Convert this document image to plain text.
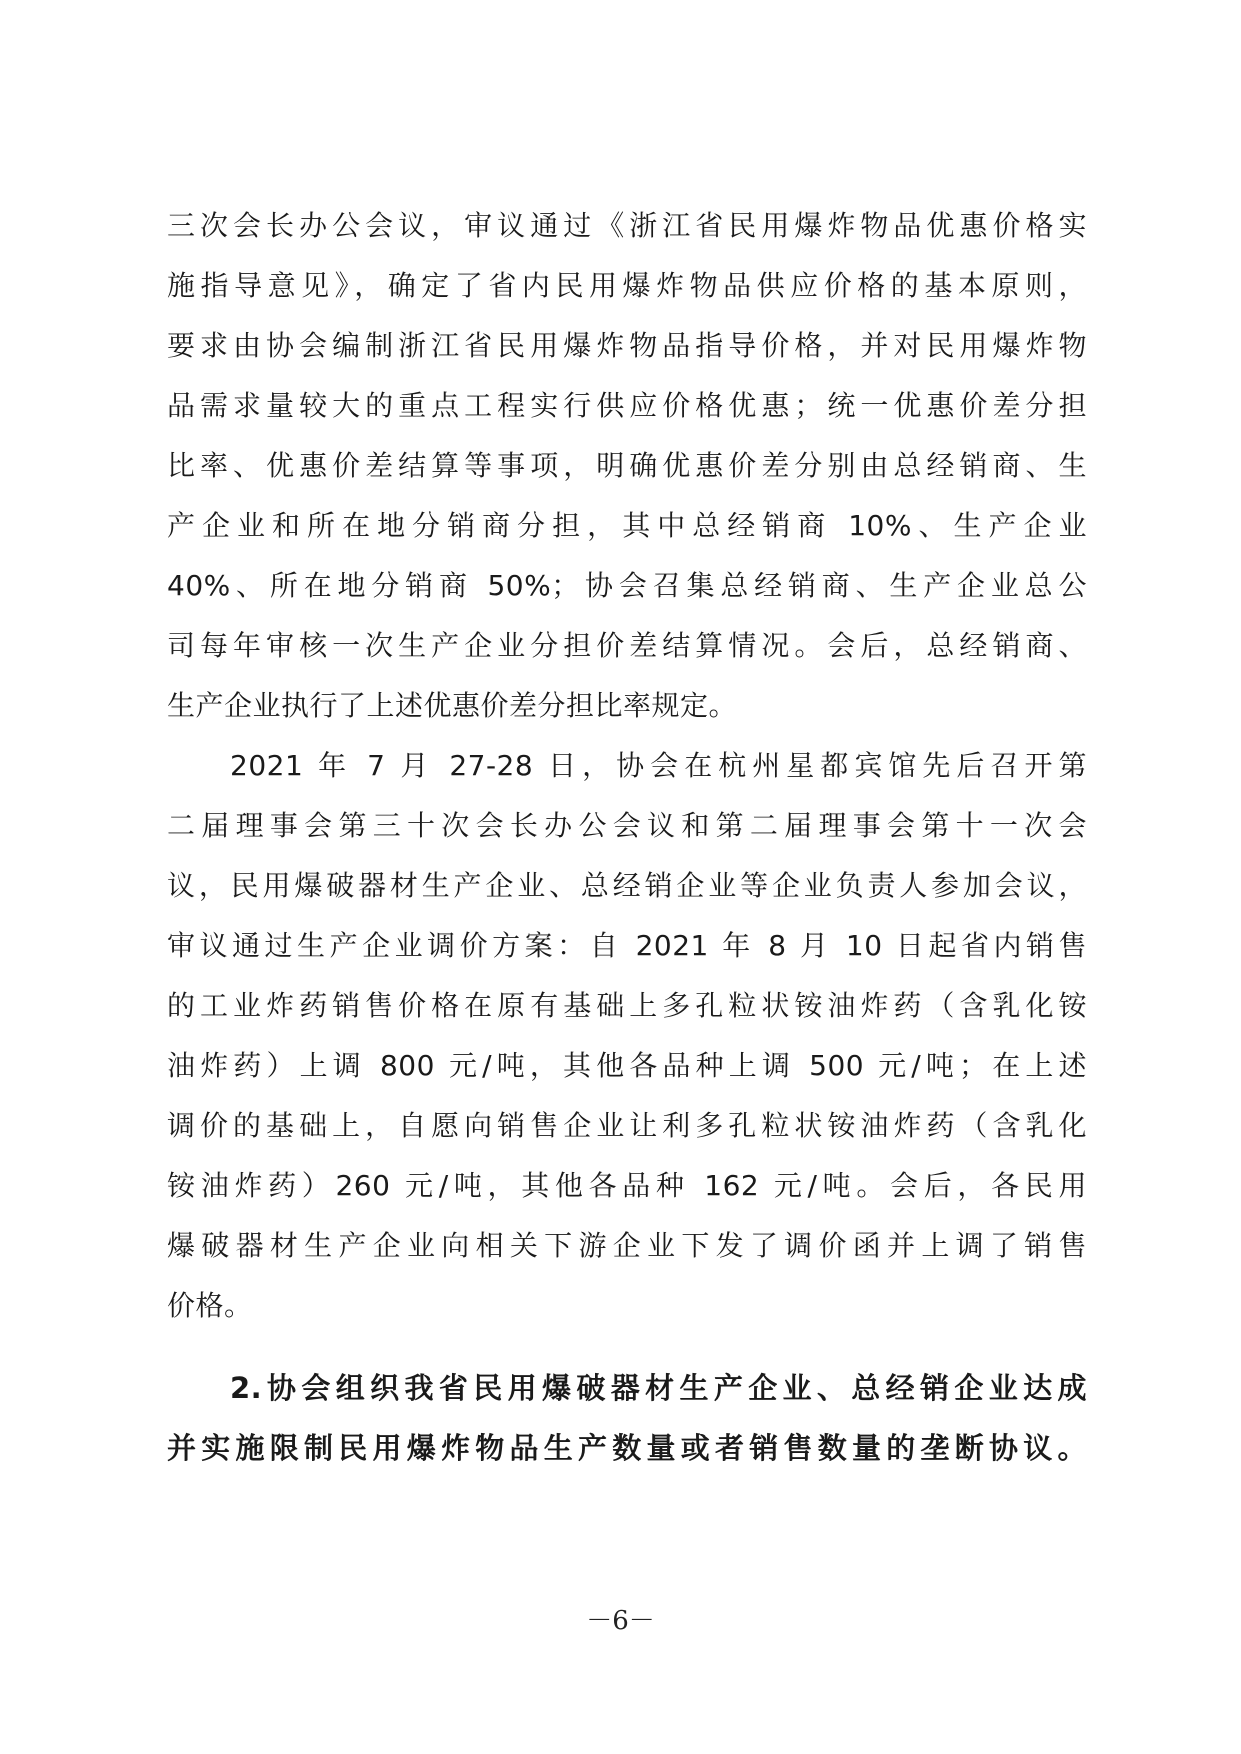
三次会长办公会议，审议通过《浙江省民用爆炸物品优惠价格实
施指导意见》，确定了省内民用爆炸物品供应价格的基本原则，
要求由协会编制浙江省民用爆炸物品指导价格，并对民用爆炸物
品需求量较大的重点工程实行供应价格优惠；统一优惠价差分担
比率、优惠价差结算等事项，明确优惠价差分别由总经销商、生
产企业和所在地分销商分担，其中总经销商 10%、生产企业
40%、所在地分销商 50%；协会召集总经销商、生产企业总公
司每年审核一次生产企业分担价差结算情况。会后，总经销商、
生产企业执行了上述优惠价差分担比率规定。
2021 年 7 月 27-28 日，协会在杭州星都宾馆先后召开第
二届理事会第三十次会长办公会议和第二届理事会第十一次会
议，民用爆破器材生产企业、总经销企业等企业负责人参加会议，
审议通过生产企业调价方案：自 2021 年 8 月 10 日起省内销售
的工业炸药销售价格在原有基础上多孔粒状铵油炸药（含乳化铵
油炸药）上调 800 元/吨，其他各品种上调 500 元/吨；在上述
调价的基础上，自愿向销售企业让利多孔粒状铵油炸药（含乳化
铵油炸药）260 元/吨，其他各品种 162 元/吨。会后，各民用
爆破器材生产企业向相关下游企业下发了调价函并上调了销售
价格。
2.协会组织我省民用爆破器材生产企业、总经销企业达成
并实施限制民用爆炸物品生产数量或者销售数量的垄断协议。
－6－
